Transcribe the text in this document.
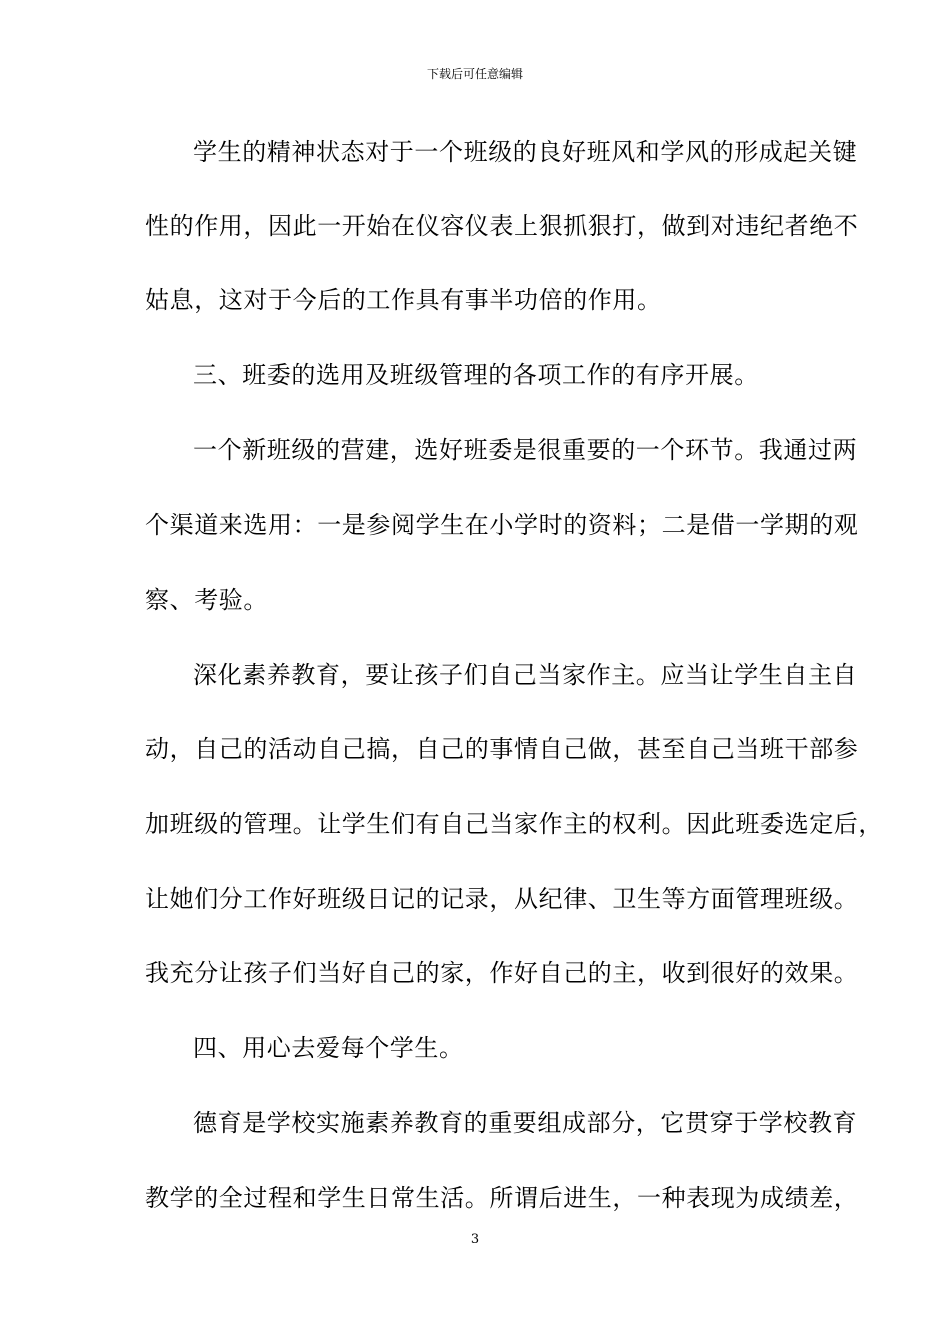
下载后可任意编辑
学生的精神状态对于一个班级的良好班风和学风的形成起关键
性的作用，因此一开始在仪容仪表上狠抓狠打，做到对违纪者绝不
姑息，这对于今后的工作具有事半功倍的作用。
三、班委的选用及班级管理的各项工作的有序开展。
一个新班级的营建，选好班委是很重要的一个环节。我通过两
个渠道来选用：一是参阅学生在小学时的资料；二是借一学期的观
察、考验。
深化素养教育，要让孩子们自己当家作主。应当让学生自主自
动，自己的活动自己搞，自己的事情自己做，甚至自己当班干部参
加班级的管理。让学生们有自己当家作主的权利。因此班委选定后，
让她们分工作好班级日记的记录，从纪律、卫生等方面管理班级。
我充分让孩子们当好自己的家，作好自己的主，收到很好的效果。
四、用心去爱每个学生。
德育是学校实施素养教育的重要组成部分，它贯穿于学校教育
教学的全过程和学生日常生活。所谓后进生，一种表现为成绩差，
3
